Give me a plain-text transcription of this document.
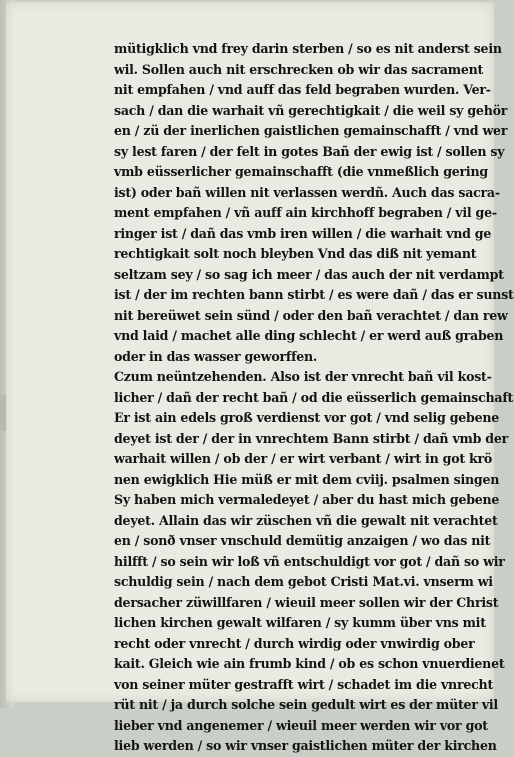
mütigklich vnd frey darin sterben / so es nit anderst sein
wil. Sollen auch nit erschrecken ob wir das sacrament
nit empfahen / vnd auff das feld begraben wurden. Ver-
sach / dan die warhait vñ gerechtigkait / die weil sy gehör
en / zü der inerlichen gaistlichen gemainschafft / vnd wer
sy lest faren / der felt in gotes Bañ der ewig ist / sollen sy
vmb eüsserlicher gemainschafft (die vnmeßlich gering
ist) oder bañ willen nit verlassen werdñ. Auch das sacra-
ment empfahen / vñ auff ain kirchhoff begraben / vil ge-
ringer ist / dañ das vmb iren willen / die warhait vnd ge
rechtigkait solt noch bleyben Vnd das diß nit yemant
seltzam sey / so sag ich meer / das auch der nit verdampt
ist / der im rechten bann stirbt / es were dañ / das er sunst
nit bereüwet sein sünd / oder den bañ verachtet / dan rew
vnd laid / machet alle ding schlecht / er werd auß graben
oder in das wasser geworffen.
Czum neüntzehenden. Also ist der vnrecht bañ vil kost-
licher / dañ der recht bañ / od die eüsserlich gemainschaft
Er ist ain edels groß verdienst vor got / vnd selig gebene
deyet ist der / der in vnrechtem Bann stirbt / dañ vmb der
warhait willen / ob der / er wirt verbant / wirt in got krö
nen ewigklich Hie müß er mit dem cviij. psalmen singen
Sy haben mich vermaledeyet / aber du hast mich gebene
deyet. Allain das wir züschen vñ die gewalt nit verachtet
en / sonð vnser vnschuld demütig anzaigen / wo das nit
hilfft / so sein wir loß vñ entschuldigt vor got / dañ so wir
schuldig sein / nach dem gebot Cristi Mat.vi. vnserm wi
dersacher züwillfaren / wieuil meer sollen wir der Christ
lichen kirchen gewalt wilfaren / sy kumm über vns mit
recht oder vnrecht / durch wirdig oder vnwirdig ober
kait. Gleich wie ain frumb kind / ob es schon vnuerdienet
von seiner müter gestrafft wirt / schadet im die vnrecht
rüt nit / ja durch solche sein gedult wirt es der müter vil
lieber vnd angenemer / wieuil meer werden wir vor got
lieb werden / so wir vnser gaistlichen müter der kirchen
